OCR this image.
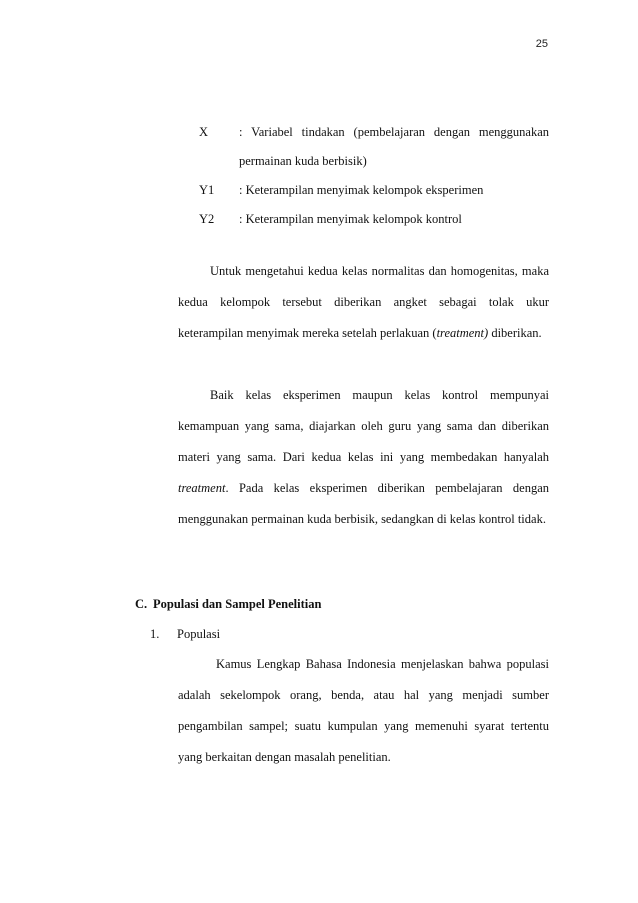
25
X	: Variabel tindakan (pembelajaran dengan menggunakan
permainan kuda berbisik)
Y1	: Keterampilan menyimak kelompok eksperimen
Y2	: Keterampilan menyimak kelompok kontrol

Untuk mengetahui kedua kelas normalitas dan homogenitas, maka kedua kelompok tersebut diberikan angket sebagai tolak ukur keterampilan menyimak mereka setelah perlakuan (treatment) diberikan.

Baik kelas eksperimen maupun kelas kontrol mempunyai kemampuan yang sama, diajarkan oleh guru yang sama dan diberikan materi yang sama. Dari kedua kelas ini yang membedakan hanyalah treatment. Pada kelas eksperimen diberikan pembelajaran dengan menggunakan permainan kuda berbisik, sedangkan di kelas kontrol tidak.

C. Populasi dan Sampel Penelitian
1. Populasi

Kamus Lengkap Bahasa Indonesia menjelaskan bahwa populasi adalah sekelompok orang, benda, atau hal yang menjadi sumber pengambilan sampel; suatu kumpulan yang memenuhi syarat tertentu yang berkaitan dengan masalah penelitian.
